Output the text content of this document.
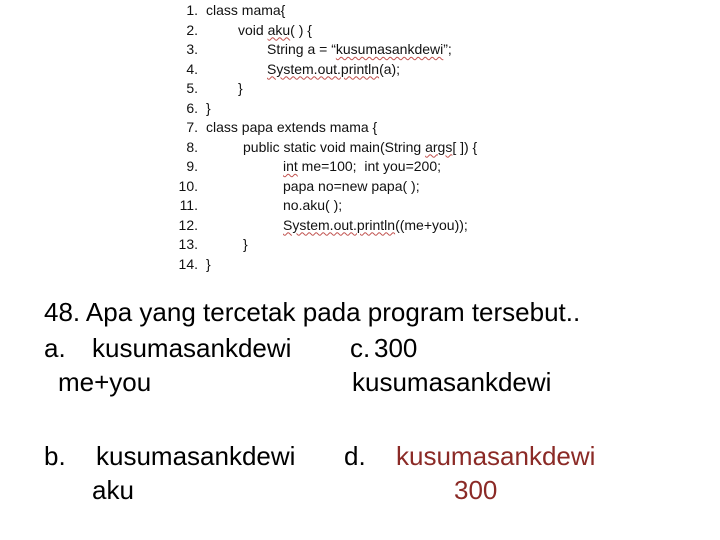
1. class mama{
2.	void aku( ) {
3.	String a = “kusumasankdewi”;
4.	System.out.println(a);
5.	}
6. }
7. class papa extends mama {
8.	public static void main(String args[ ]) {
9.	int me=100;  int you=200;
10.	papa no=new papa( );
11.	no.aku( );
12.	System.out.println((me+you));
13.	}
14. }
48. Apa yang tercetak pada program tersebut..
a. kusumasankdewi
me+you
c. 300
kusumasankdewi
b. kusumasankdewi
aku
d. kusumasankdewi
300
